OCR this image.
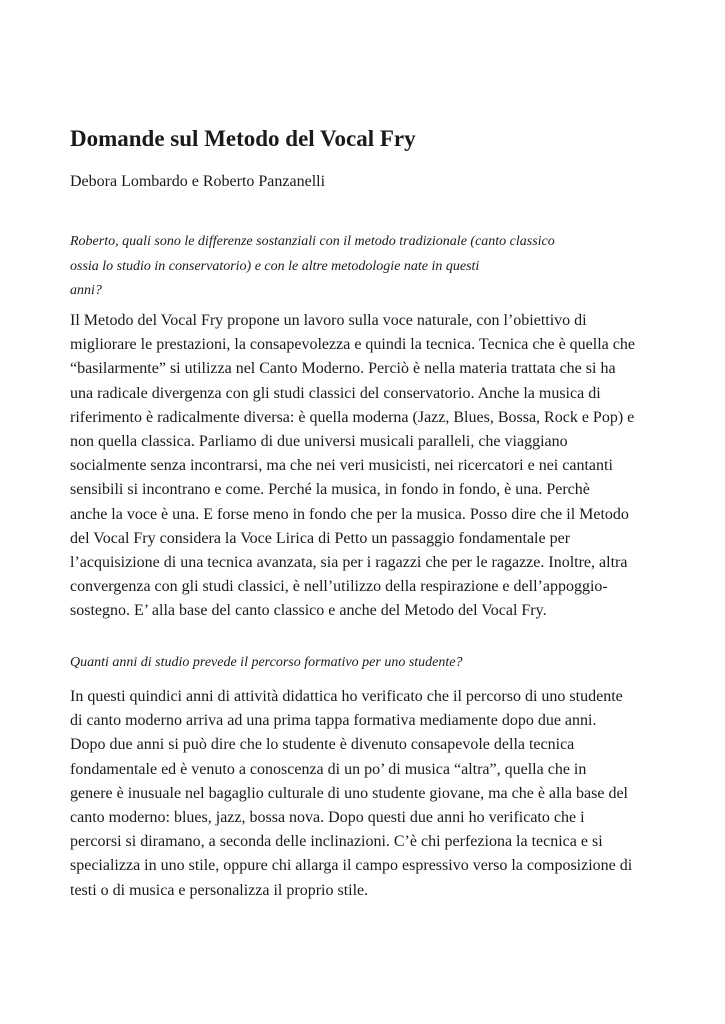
Domande sul Metodo del Vocal Fry

Debora Lombardo e Roberto Panzanelli

Roberto, quali sono le differenze sostanziali con il metodo tradizionale (canto classico
ossia lo studio in conservatorio) e con le altre metodologie nate in questi
anni?

Il Metodo del Vocal Fry propone un lavoro sulla voce naturale, con l’obiettivo di
migliorare le prestazioni, la consapevolezza e quindi la tecnica. Tecnica che è quella che
“basilarmente” si utilizza nel Canto Moderno. Perciò è nella materia trattata che si ha
una radicale divergenza con gli studi classici del conservatorio. Anche la musica di
riferimento è radicalmente diversa: è quella moderna (Jazz, Blues, Bossa, Rock e Pop) e
non quella classica. Parliamo di due universi musicali paralleli, che viaggiano
socialmente senza incontrarsi, ma che nei veri musicisti, nei ricercatori e nei cantanti
sensibili si incontrano e come. Perché la musica, in fondo in fondo, è una. Perchè
anche la voce è una. E forse meno in fondo che per la musica. Posso dire che il Metodo
del Vocal Fry considera la Voce Lirica di Petto un passaggio fondamentale per
l’acquisizione di una tecnica avanzata, sia per i ragazzi che per le ragazze. Inoltre, altra
convergenza con gli studi classici, è nell’utilizzo della respirazione e dell’appoggio-
sostegno. E’ alla base del canto classico e anche del Metodo del Vocal Fry.

Quanti anni di studio prevede il percorso formativo per uno studente?

In questi quindici anni di attività didattica ho verificato che il percorso di uno studente
di canto moderno arriva ad una prima tappa formativa mediamente dopo due anni.
Dopo due anni si può dire che lo studente è divenuto consapevole della tecnica
fondamentale ed è venuto a conoscenza di un po’ di musica “altra”, quella che in
genere è inusuale nel bagaglio culturale di uno studente giovane, ma che è alla base del
canto moderno: blues, jazz, bossa nova. Dopo questi due anni ho verificato che i
percorsi si diramano, a seconda delle inclinazioni. C’è chi perfeziona la tecnica e si
specializza in uno stile, oppure chi allarga il campo espressivo verso la composizione di
testi o di musica e personalizza il proprio stile.
